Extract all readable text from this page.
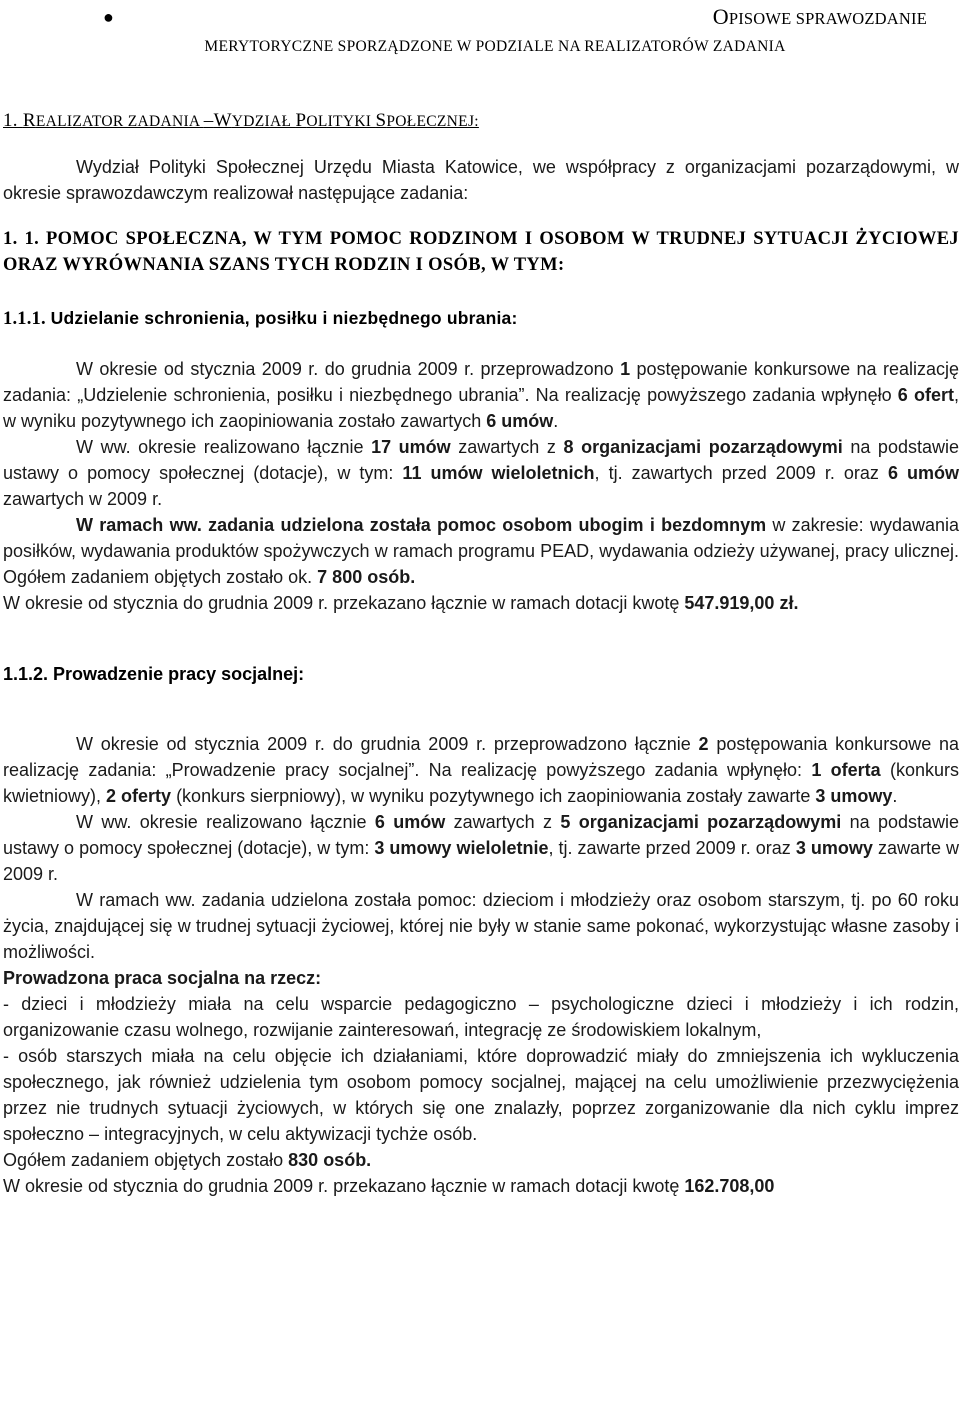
●	OPISOWE SPRAWOZDANIE
MERYTORYCZNE SPORZĄDZONE W PODZIALE NA REALIZATORÓW ZADANIA
1. REALIZATOR ZADANIA –WYDZIAŁ POLITYKI SPOŁECZNEJ:

Wydział Polityki Społecznej Urzędu Miasta Katowice, we współpracy z organizacjami pozarządowymi, w okresie sprawozdawczym realizował następujące zadania:

1. 1. POMOC SPOŁECZNA, W TYM POMOC RODZINOM I OSOBOM W TRUDNEJ SYTUACJI ŻYCIOWEJ ORAZ WYRÓWNANIA SZANS TYCH RODZIN I OSÓB, W TYM:
1.1.1. Udzielanie schronienia, posiłku i niezbędnego ubrania:

W okresie od stycznia 2009 r. do grudnia 2009 r. przeprowadzono 1 postępowanie konkursowe na realizację zadania: „Udzielenie schronienia, posiłku i niezbędnego ubrania”. Na realizację powyższego zadania wpłynęło 6 ofert, w wyniku pozytywnego ich zaopiniowania zostało zawartych 6 umów.

W ww. okresie realizowano łącznie 17 umów zawartych z 8 organizacjami pozarządowymi na podstawie ustawy o pomocy społecznej (dotacje), w tym: 11 umów wieloletnich, tj. zawartych przed 2009 r. oraz 6 umów zawartych w 2009 r.

W ramach ww. zadania udzielona została pomoc osobom ubogim i bezdomnym w zakresie: wydawania posiłków, wydawania produktów spożywczych w ramach programu PEAD, wydawania odzieży używanej, pracy ulicznej. Ogółem zadaniem objętych zostało ok. 7 800 osób.

W okresie od stycznia do grudnia 2009 r. przekazano łącznie w ramach dotacji kwotę 547.919,00 zł.

1.1.2. Prowadzenie pracy socjalnej:

W okresie od stycznia 2009 r. do grudnia 2009 r. przeprowadzono łącznie 2 postępowania konkursowe na realizację zadania: „Prowadzenie pracy socjalnej”. Na realizację powyższego zadania wpłynęło: 1 oferta (konkurs kwietniowy), 2 oferty (konkurs sierpniowy), w wyniku pozytywnego ich zaopiniowania zostały zawarte 3 umowy.

W ww. okresie realizowano łącznie 6 umów zawartych z 5 organizacjami pozarządowymi na podstawie ustawy o pomocy społecznej (dotacje), w tym: 3 umowy wieloletnie, tj. zawarte przed 2009 r. oraz 3 umowy zawarte w 2009 r.

W ramach ww. zadania udzielona została pomoc: dzieciom i młodzieży oraz osobom starszym, tj. po 60 roku życia, znajdującej się w trudnej sytuacji życiowej, której nie były w stanie same pokonać, wykorzystując własne zasoby i możliwości.

Prowadzona praca socjalna na rzecz:

- dzieci i młodzieży miała na celu wsparcie pedagogiczno – psychologiczne dzieci i młodzieży i ich rodzin, organizowanie czasu wolnego, rozwijanie zainteresowań, integrację ze środowiskiem lokalnym,

- osób starszych miała na celu objęcie ich działaniami, które doprowadzić miały do zmniejszenia ich wykluczenia społecznego, jak również udzielenia tym osobom pomocy socjalnej, mającej na celu umożliwienie przezwyciężenia przez nie trudnych sytuacji życiowych, w których się one znalazły, poprzez zorganizowanie dla nich cyklu imprez społeczno – integracyjnych, w celu aktywizacji tychże osób.

Ogółem zadaniem objętych zostało 830 osób.

W okresie od stycznia do grudnia 2009 r. przekazano łącznie w ramach dotacji kwotę 162.708,00
